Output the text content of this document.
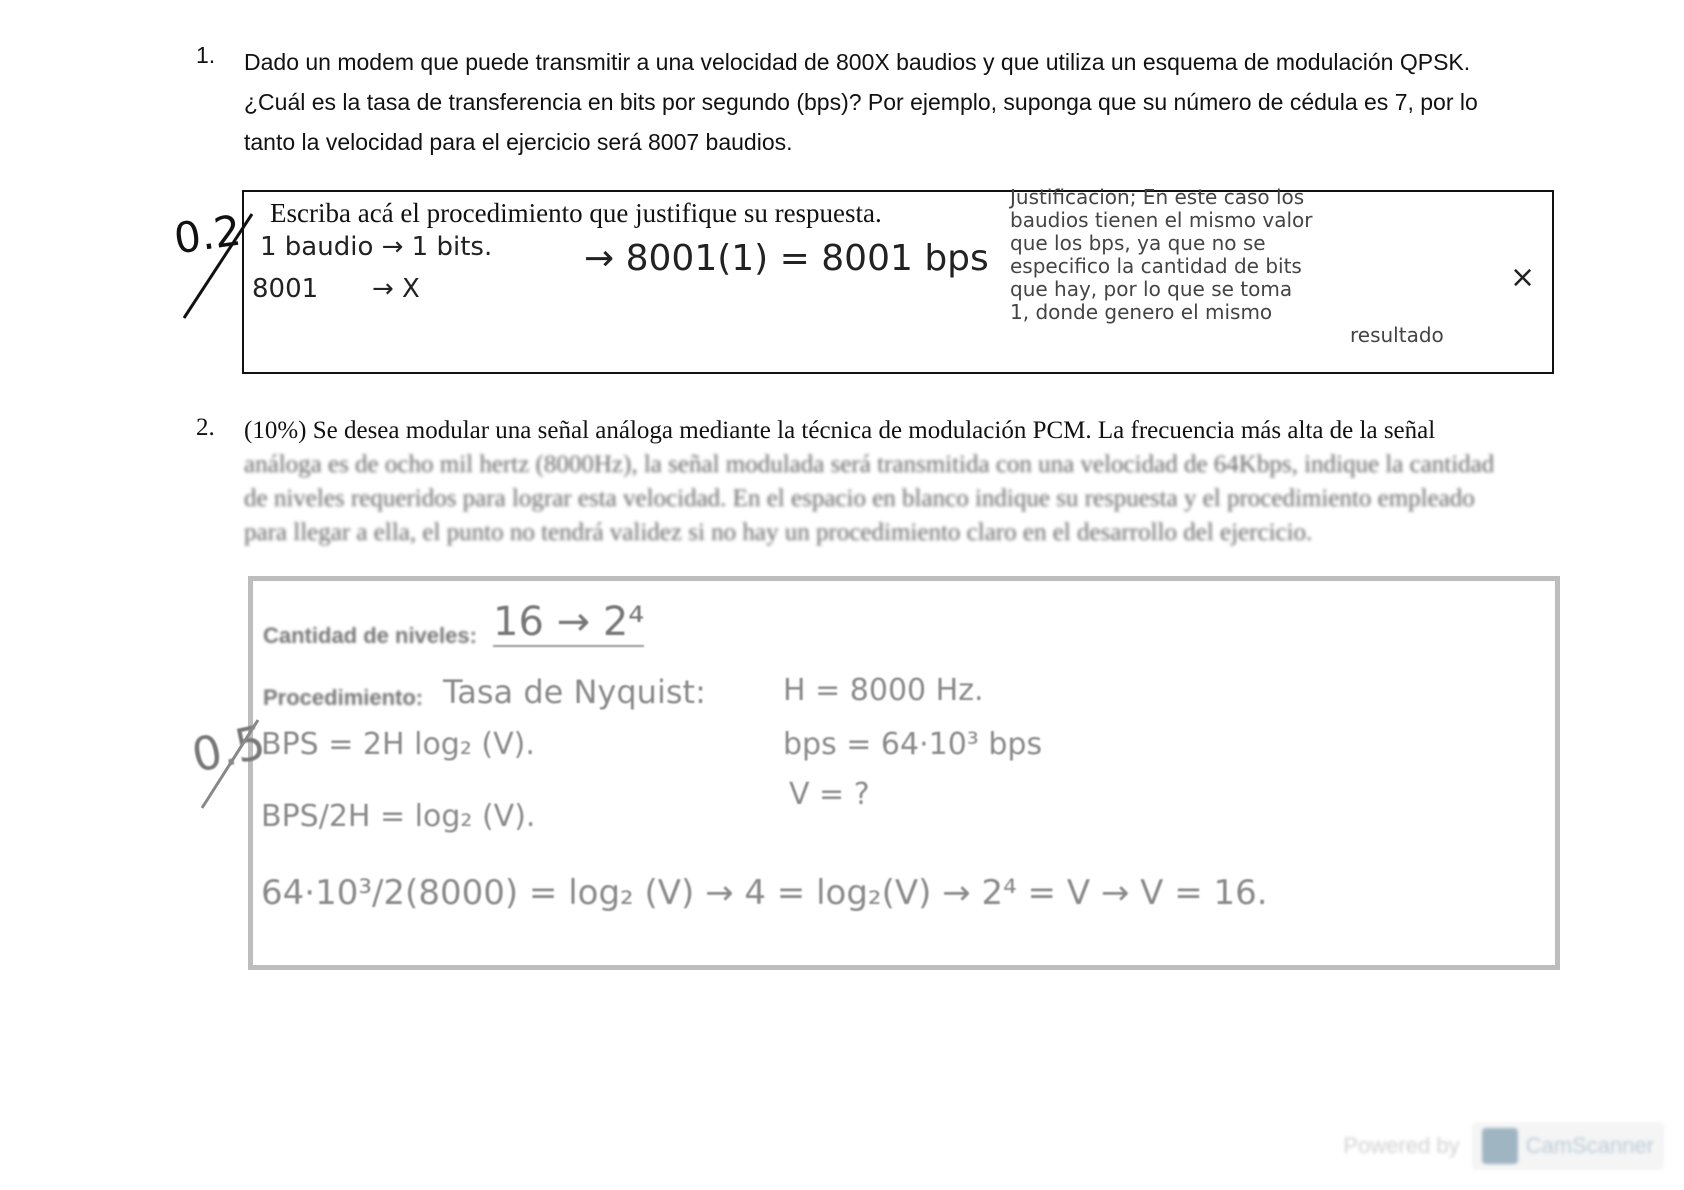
1. Dado un modem que puede transmitir a una velocidad de 800X baudios y que utiliza un esquema de modulación QPSK.
¿Cuál es la tasa de transferencia en bits por segundo (bps)? Por ejemplo, suponga que su número de cédula es 7, por lo
tanto la velocidad para el ejercicio será 8007 baudios.
Escriba acá el procedimiento que justifique su respuesta.
1 baudio → 1 bits.
8001 → X
→ 8001(1) = 8001 bps
Justificacion; En este caso los
baudios tienen el mismo valor
que los bps, ya que no se
especifico la cantidad de bits
que hay, por lo que se toma
1, donde genero el mismo
resultado
×
0.2
2. (10%) Se desea modular una señal análoga mediante la técnica de modulación PCM. La frecuencia más alta de la señal
análoga es de ocho mil hertz (8000Hz), la señal modulada será transmitida con una velocidad de 64Kbps, indique la cantidad
de niveles requeridos para lograr esta velocidad. En el espacio en blanco indique su respuesta y el procedimiento empleado
para llegar a ella, el punto no tendrá validez si no hay un procedimiento claro en el desarrollo del ejercicio.
Cantidad de niveles: 16 → 2⁴
Procedimiento: Tasa de Nyquist:
BPS = 2H log₂ (V).
BPS/2H = log₂ (V).
64·10³/2(8000) = log₂ (V) → 4 = log₂(V) → 2⁴ = V → V = 16.
H = 8000 Hz.
bps = 64·10³ bps
V = ?
0.5
Powered by	CamScanner
